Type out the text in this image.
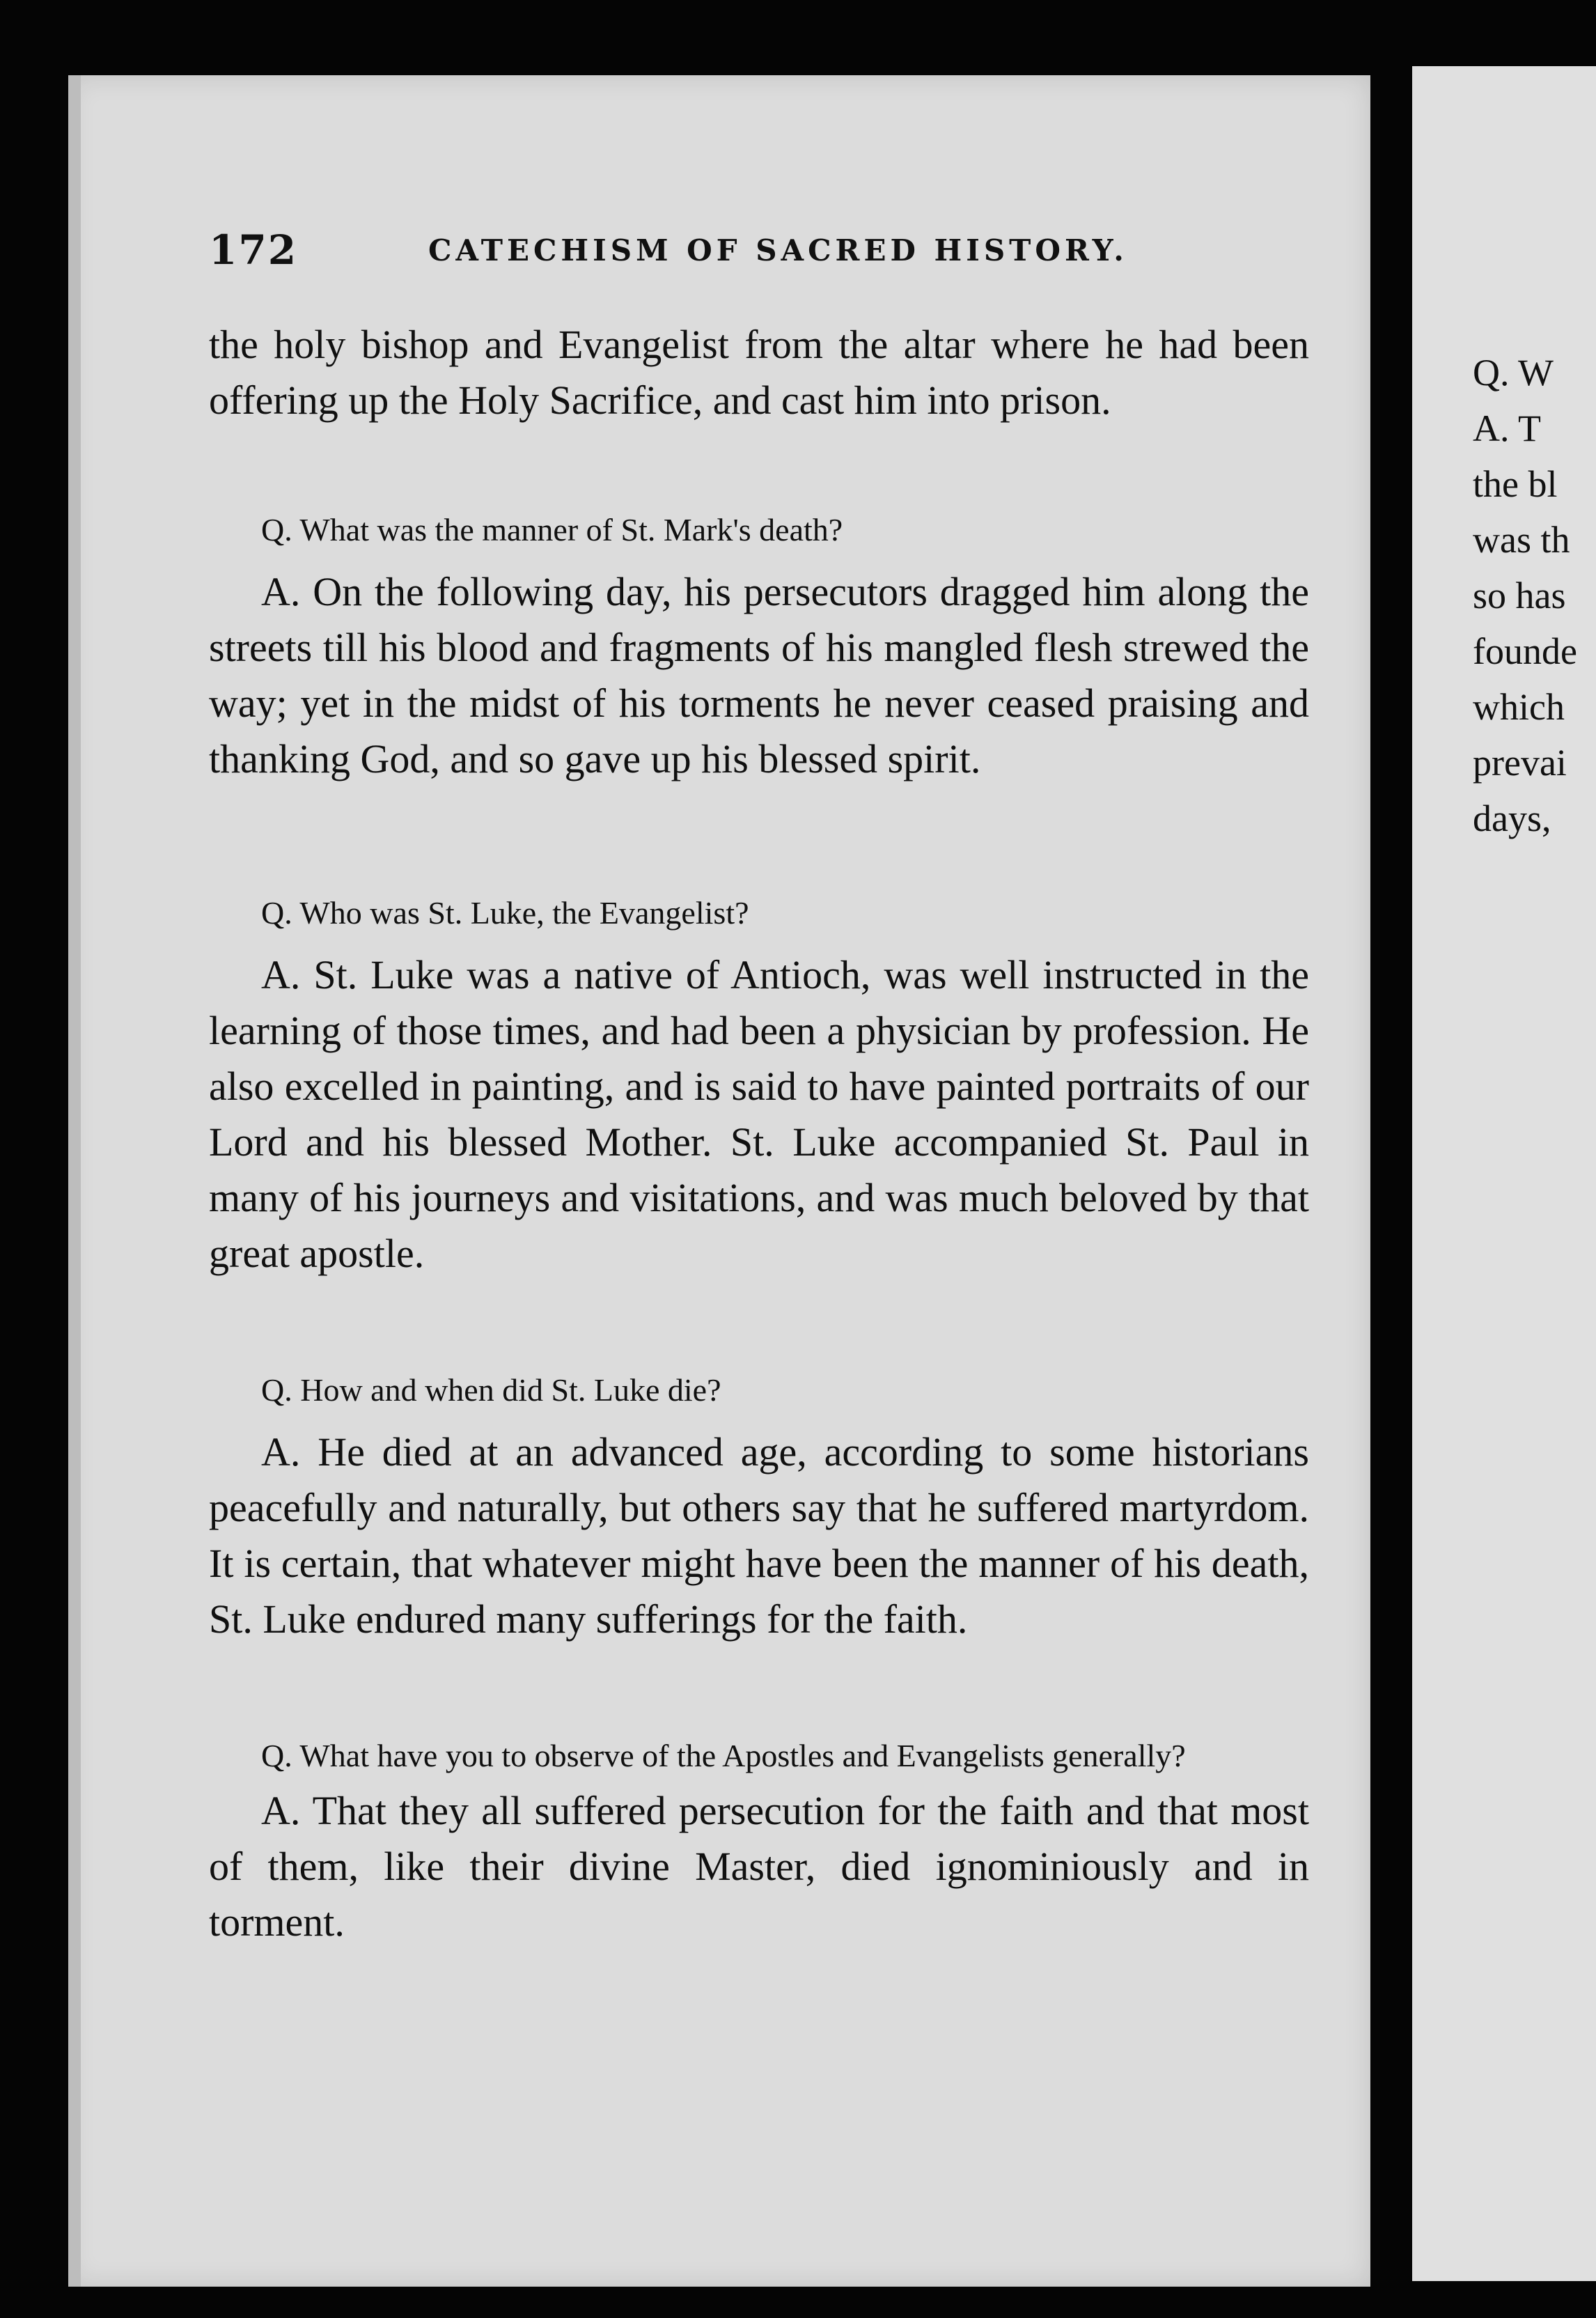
172	CATECHISM OF SACRED HISTORY.

the holy bishop and Evangelist from the altar where he had been offering up the Holy Sacrifice, and cast him into prison.

Q. What was the manner of St. Mark's death?

A. On the following day, his persecutors dragged him along the streets till his blood and fragments of his mangled flesh strewed the way; yet in the midst of his torments he never ceased praising and thanking God, and so gave up his blessed spirit.

Q. Who was St. Luke, the Evangelist?

A. St. Luke was a native of Antioch, was well instructed in the learning of those times, and had been a physician by profession. He also excelled in painting, and is said to have painted portraits of our Lord and his blessed Mother. St. Luke accompanied St. Paul in many of his journeys and visitations, and was much beloved by that great apostle.

Q. How and when did St. Luke die?

A. He died at an advanced age, according to some historians peacefully and naturally, but others say that he suffered martyrdom. It is certain, that whatever might have been the manner of his death, St. Luke endured many sufferings for the faith.

Q. What have you to observe of the Apostles and Evangelists generally?

A. That they all suffered persecution for the faith and that most of them, like their divine Master, died ignominiously and in torment.

Q. W
A. T
the bl
was th
so has
founde
which
prevai
days,
